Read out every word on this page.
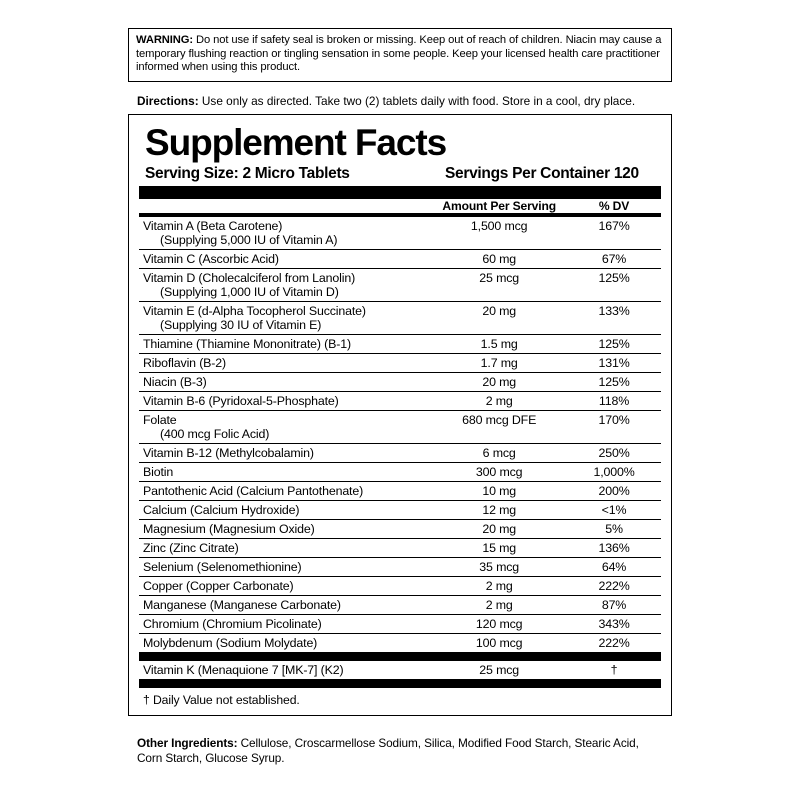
WARNING: Do not use if safety seal is broken or missing. Keep out of reach of children. Niacin may cause a temporary flushing reaction or tingling sensation in some people. Keep your licensed health care practitioner informed when using this product.
Directions: Use only as directed. Take two (2) tablets daily with food. Store in a cool, dry place.
Supplement Facts
Serving Size: 2 Micro Tablets	Servings Per Container 120
	Amount Per Serving	% DV
Vitamin A (Beta Carotene)
(Supplying 5,000 IU of Vitamin A)	1,500 mcg	167%
Vitamin C (Ascorbic Acid)	60 mg	67%
Vitamin D (Cholecalciferol from Lanolin)
(Supplying 1,000 IU of Vitamin D)	25 mcg	125%
Vitamin E (d-Alpha Tocopherol Succinate)
(Supplying 30 IU of Vitamin E)	20 mg	133%
Thiamine (Thiamine Mononitrate) (B-1)	1.5 mg	125%
Riboflavin (B-2)	1.7 mg	131%
Niacin (B-3)	20 mg	125%
Vitamin B-6 (Pyridoxal-5-Phosphate)	2 mg	118%
Folate
(400 mcg Folic Acid)	680 mcg DFE	170%
Vitamin B-12 (Methylcobalamin)	6 mcg	250%
Biotin	300 mcg	1,000%
Pantothenic Acid (Calcium Pantothenate)	10 mg	200%
Calcium (Calcium Hydroxide)	12 mg	<1%
Magnesium (Magnesium Oxide)	20 mg	5%
Zinc (Zinc Citrate)	15 mg	136%
Selenium (Selenomethionine)	35 mcg	64%
Copper (Copper Carbonate)	2 mg	222%
Manganese (Manganese Carbonate)	2 mg	87%
Chromium (Chromium Picolinate)	120 mcg	343%
Molybdenum (Sodium Molydate)	100 mcg	222%
Vitamin K (Menaquione 7 [MK-7] (K2)	25 mcg	†
† Daily Value not established.
Other Ingredients: Cellulose, Croscarmellose Sodium, Silica, Modified Food Starch, Stearic Acid, Corn Starch, Glucose Syrup.
